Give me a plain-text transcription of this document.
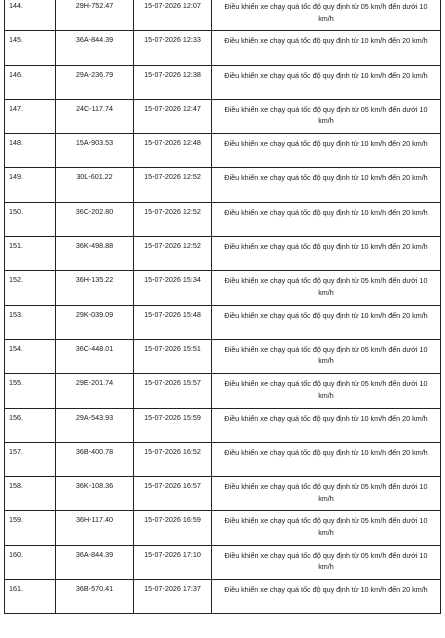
144.	29H-752.47	15-07-2026 12:07	Điều khiển xe chạy quá tốc độ quy định từ 05 km/h đến dưới 10 km/h
145.	36A-844.39	15-07-2026 12:33	Điều khiển xe chạy quá tốc độ quy định từ 10 km/h đến 20 km/h
146.	29A-236.79	15-07-2026 12:38	Điều khiển xe chạy quá tốc độ quy định từ 10 km/h đến 20 km/h
147.	24C-117.74	15-07-2026 12:47	Điều khiển xe chạy quá tốc độ quy định từ 05 km/h đến dưới 10 km/h
148.	15A-903.53	15-07-2026 12:48	Điều khiển xe chạy quá tốc độ quy định từ 10 km/h đến 20 km/h
149.	30L-601.22	15-07-2026 12:52	Điều khiển xe chạy quá tốc độ quy định từ 10 km/h đến 20 km/h
150.	36C-202.80	15-07-2026 12:52	Điều khiển xe chạy quá tốc độ quy định từ 10 km/h đến 20 km/h
151.	36K-498.88	15-07-2026 12:52	Điều khiển xe chạy quá tốc độ quy định từ 10 km/h đến 20 km/h
152.	36H-135.22	15-07-2026 15:34	Điều khiển xe chạy quá tốc độ quy định từ 05 km/h đến dưới 10 km/h
153.	29K-039.09	15-07-2026 15:48	Điều khiển xe chạy quá tốc độ quy định từ 10 km/h đến 20 km/h
154.	36C-448.01	15-07-2026 15:51	Điều khiển xe chạy quá tốc độ quy định từ 05 km/h đến dưới 10 km/h
155.	29E-201.74	15-07-2026 15:57	Điều khiển xe chạy quá tốc độ quy định từ 05 km/h đến dưới 10 km/h
156.	29A-543.93	15-07-2026 15:59	Điều khiển xe chạy quá tốc độ quy định từ 10 km/h đến 20 km/h
157.	36B-400.78	15-07-2026 16:52	Điều khiển xe chạy quá tốc độ quy định từ 10 km/h đến 20 km/h
158.	36K-108.36	15-07-2026 16:57	Điều khiển xe chạy quá tốc độ quy định từ 05 km/h đến dưới 10 km/h
159.	36H-117.40	15-07-2026 16:59	Điều khiển xe chạy quá tốc độ quy định từ 05 km/h đến dưới 10 km/h
160.	36A-844.39	15-07-2026 17:10	Điều khiển xe chạy quá tốc độ quy định từ 05 km/h đến dưới 10 km/h
161.	36B-570.41	15-07-2026 17:37	Điều khiển xe chạy quá tốc độ quy định từ 10 km/h đến 20 km/h
